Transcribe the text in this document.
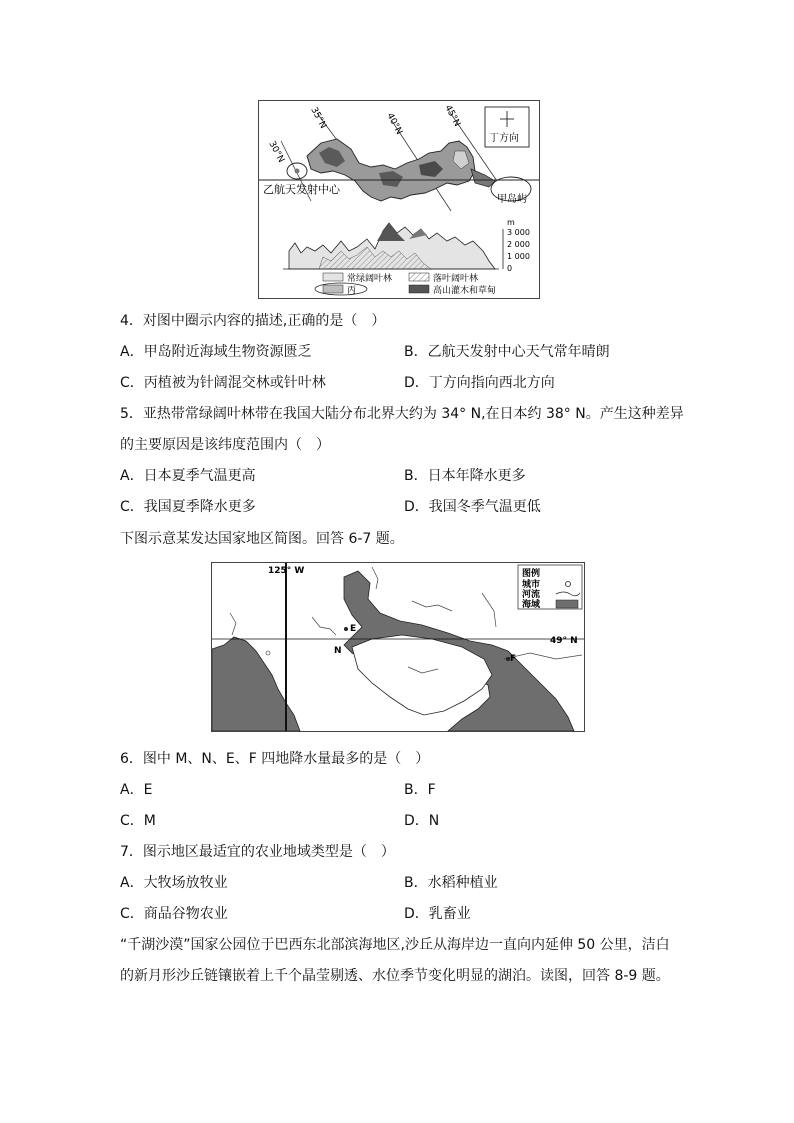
30°N
35°N	40°N	45°N
丁方向
乙航天发射中心
甲岛屿
m
3 000
2 000
1 000
0
常绿阔叶林	落叶阔叶林
丙	高山灌木和草甸
4．对图中圈示内容的描述,正确的是（　）
A．甲岛附近海域生物资源匮乏	B．乙航天发射中心天气常年晴朗
C．丙植被为针阔混交林或针叶林	D．丁方向指向西北方向
5．亚热带常绿阔叶林带在我国大陆分布北界大约为 34° N,在日本约 38° N。产生这种差异
的主要原因是该纬度范围内（　）
A．日本夏季气温更高	B．日本年降水更多
C．我国夏季降水更多	D．我国冬季气温更低
下图示意某发达国家地区简图。回答 6-7 题。
125° W
49° N
E
F
M	N
图例
城市
河流
海域
6．图中 M、N、E、F 四地降水量最多的是（　）
A．E	B．F
C．M	D．N
7．图示地区最适宜的农业地域类型是（　）
A．大牧场放牧业	B．水稻种植业
C．商品谷物农业	D．乳畜业
“千湖沙漠”国家公园位于巴西东北部滨海地区,沙丘从海岸边一直向内延伸 50 公里，洁白
的新月形沙丘链镶嵌着上千个晶莹剔透、水位季节变化明显的湖泊。读图，回答 8-9 题。
